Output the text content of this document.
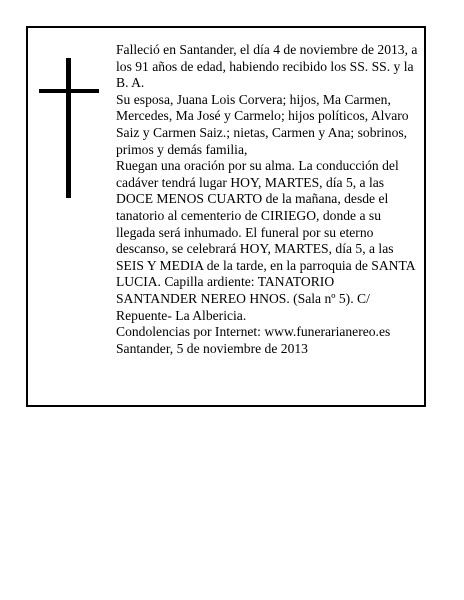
Falleció en Santander, el día 4 de noviembre de 2013, a

los 91 años de edad, habiendo recibido los SS. SS. y la

B. A.

Su esposa, Juana Lois Corvera; hijos, Ma Carmen,

Mercedes, Ma José y Carmelo; hijos políticos, Alvaro

Saiz y Carmen Saiz.; nietas, Carmen y Ana; sobrinos,

primos y demás familia,

Ruegan una oración por su alma. La conducción del

cadáver tendrá lugar HOY, MARTES, día 5, a las

DOCE MENOS CUARTO de la mañana, desde el

tanatorio al cementerio de CIRIEGO, donde a su

llegada será inhumado. El funeral por su eterno

descanso, se celebrará HOY, MARTES, día 5, a las

SEIS Y MEDIA de la tarde, en la parroquia de SANTA

LUCIA. Capilla ardiente: TANATORIO

SANTANDER NEREO HNOS. (Sala nº 5). C/

Repuente- La Albericia.

Condolencias por Internet: www.funerarianereo.es

Santander, 5 de noviembre de 2013
